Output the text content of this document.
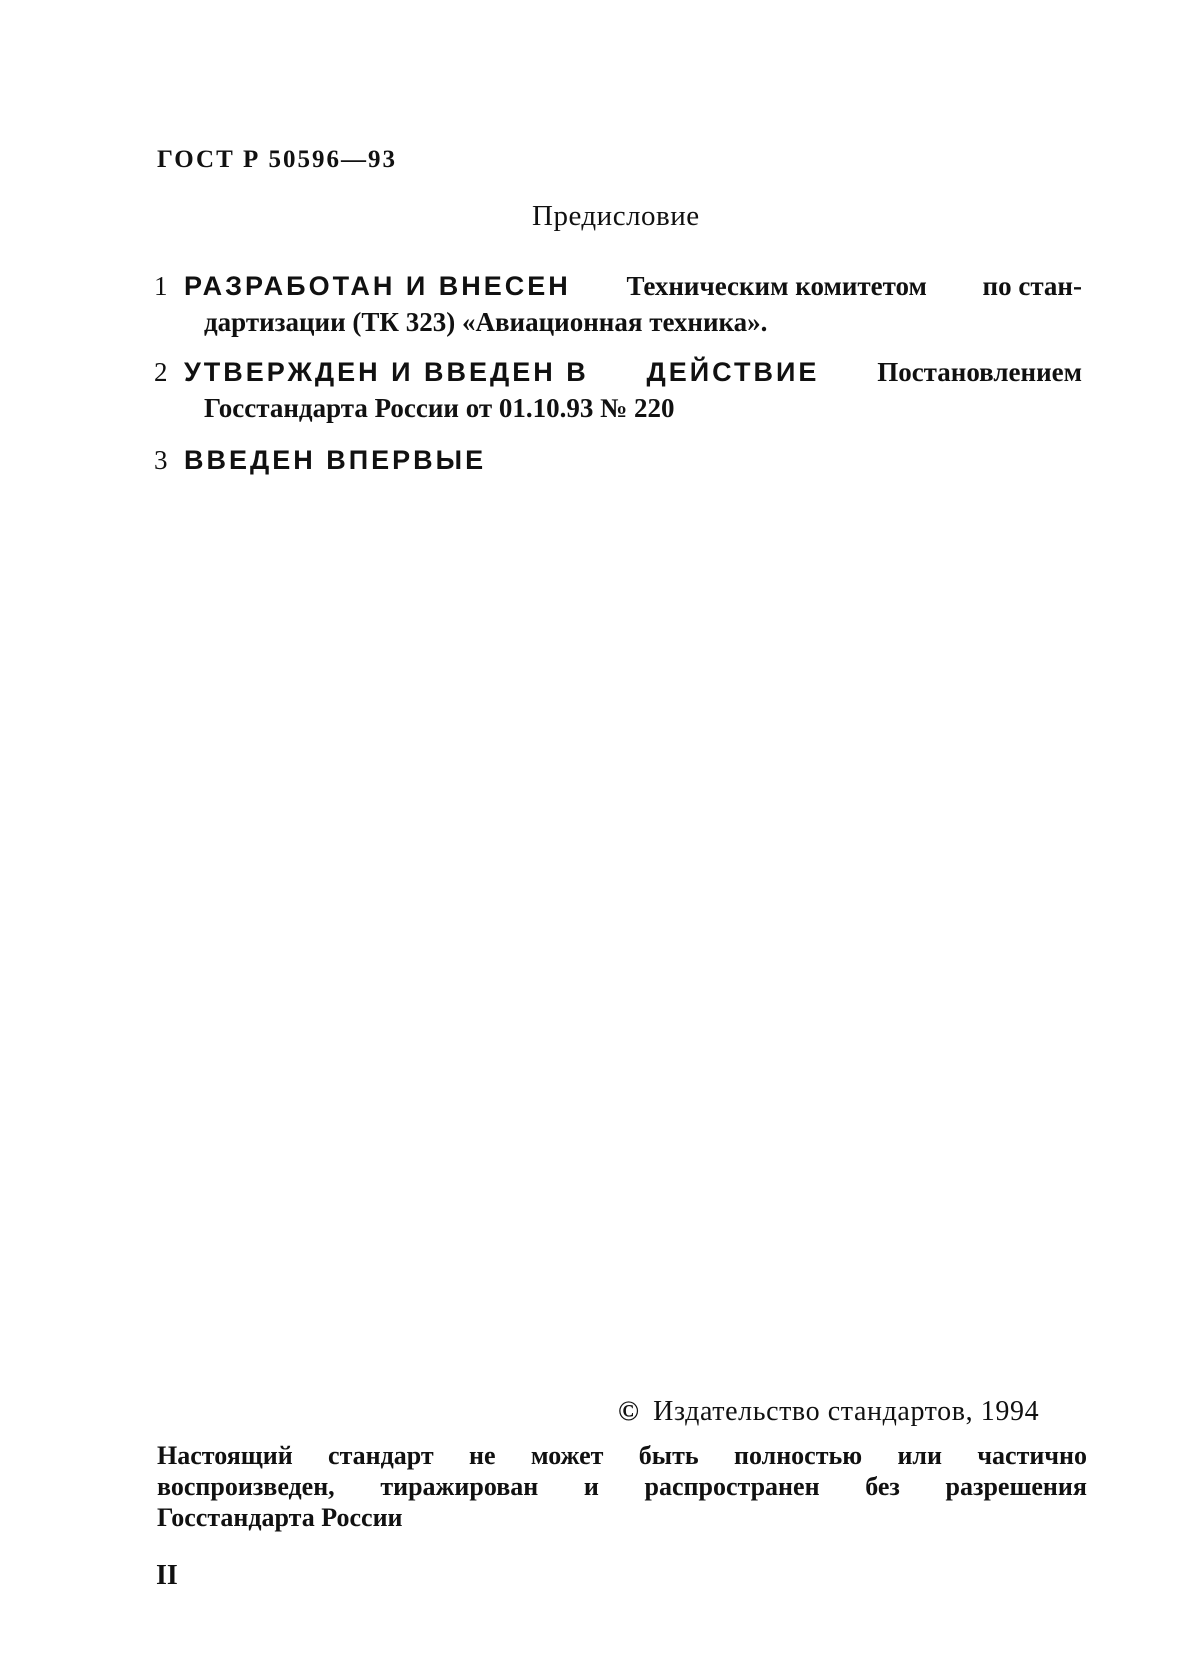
ГОСТ Р 50596—93
Предисловие
1 РАЗРАБОТАН И ВНЕСЕН Техническим комитетом по стан-
дартизации (ТК 323) «Авиационная техника».
2 УТВЕРЖДЕН И ВВЕДЕН В ДЕЙСТВИЕ Постановлением
Госстандарта России от 01.10.93 № 220
3 ВВЕДЕН ВПЕРВЫЕ
© Издательство стандартов, 1994
Настоящий стандарт не может быть полностью или частично
воспроизведен, тиражирован и распространен без разрешения
Госстандарта России
II
